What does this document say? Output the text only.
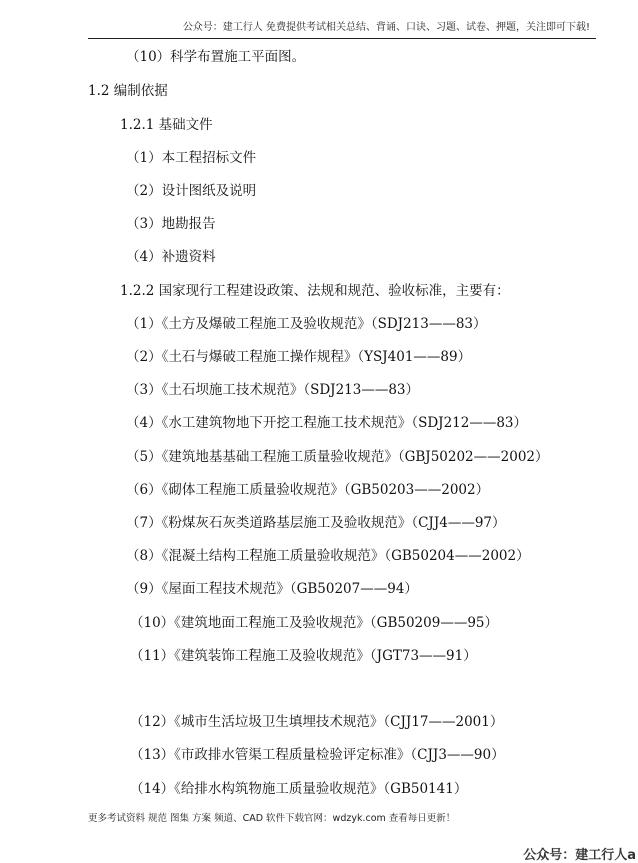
公众号：建工行人 免费提供考试相关总结、背诵、口诀、习题、试卷、押题，关注即可下载!
（10）科学布置施工平面图。
1.2 编制依据
1.2.1 基础文件
（1）本工程招标文件
（2）设计图纸及说明
（3）地勘报告
（4）补遗资料
1.2.2 国家现行工程建设政策、法规和规范、验收标准，主要有：
（1）《土方及爆破工程施工及验收规范》（SDJ213——83）
（2）《土石与爆破工程施工操作规程》（YSJ401——89）
（3）《土石坝施工技术规范》（SDJ213——83）
（4）《水工建筑物地下开挖工程施工技术规范》（SDJ212——83）
（5）《建筑地基基础工程施工质量验收规范》（GBJ50202——2002）
（6）《砌体工程施工质量验收规范》（GB50203——2002）
（7）《粉煤灰石灰类道路基层施工及验收规范》（CJJ4——97）
（8）《混凝土结构工程施工质量验收规范》（GB50204——2002）
（9）《屋面工程技术规范》（GB50207——94）
（10）《建筑地面工程施工及验收规范》（GB50209——95）
（11）《建筑装饰工程施工及验收规范》（JGT73——91）
（12）《城市生活垃圾卫生填埋技术规范》（CJJ17——2001）
（13）《市政排水管渠工程质量检验评定标准》（CJJ3——90）
（14）《给排水构筑物施工质量验收规范》（GB50141）
更多考试资料 规范 图集 方案 频道、CAD 软件下载官网：wdzyk.com 查看每日更新！
公众号：建工行人a
